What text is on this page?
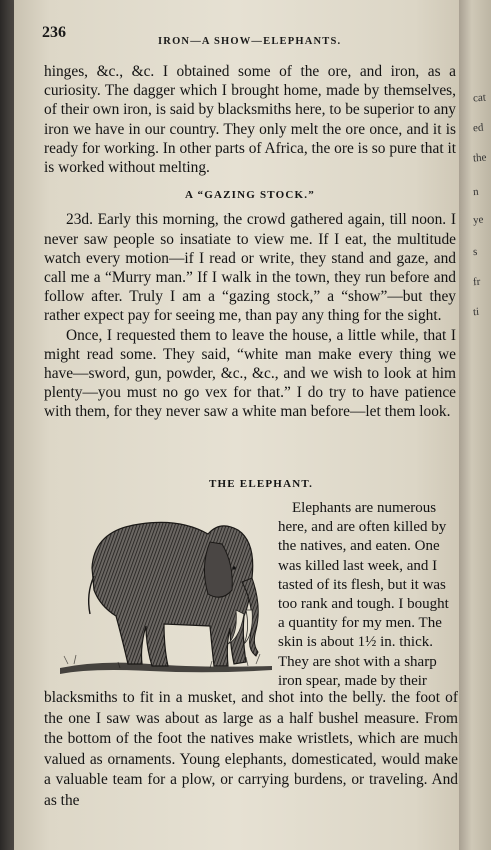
cat
ed
the
n
ye
s
fr
ti
236
IRON—A SHOW—ELEPHANTS.

hinges, &c., &c. I obtained some of the ore, and iron, as a curiosity. The dagger which I brought home, made by themselves, of their own iron, is said by blacksmiths here, to be superior to any iron we have in our country. They only melt the ore once, and it is ready for working. In other parts of Africa, the ore is so pure that it is worked without melting.

A “GAZING STOCK.”

23d. Early this morning, the crowd gathered again, till noon. I never saw people so insatiate to view me. If I eat, the multitude watch every motion—if I read or write, they stand and gaze, and call me a “Murry man.” If I walk in the town, they run before and follow after. Truly I am a “gazing stock,” a “show”—but they rather expect pay for seeing me, than pay any thing for the sight.

Once, I requested them to leave the house, a little while, that I might read some. They said, “white man make every thing we have—sword, gun, powder, &c., &c., and we wish to look at him plenty—you must no go vex for that.” I do try to have patience with them, for they never saw a white man before—let them look.

THE ELEPHANT.
Elephants are numerous
here, and are often killed by
the natives, and eaten. One
was killed last week, and I
tasted of its flesh, but it was
too rank and tough. I bought
a quantity for my men. The
skin is about 1½ in. thick.
They are shot with a sharp
iron spear, made by their

blacksmiths to fit in a musket, and shot into the belly. the foot of the one I saw was about as large as a half bushel measure. From the bottom of the foot the natives make wristlets, which are much valued as ornaments. Young elephants, domesticated, would make a valuable team for a plow, or carrying burdens, or traveling. And as the
